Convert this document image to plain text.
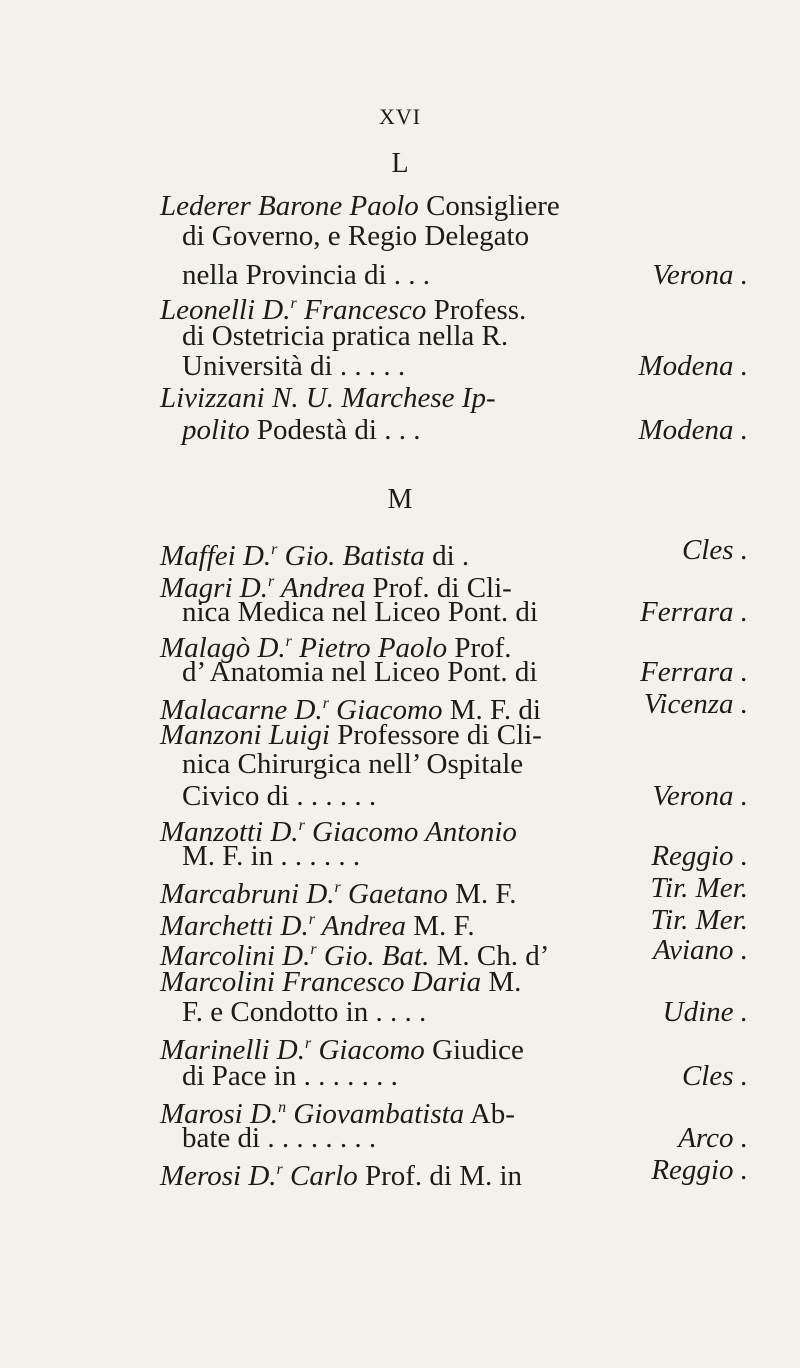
XVI
L
M
Lederer Barone Paolo Consigliere
di Governo, e Regio Delegato
nella Provincia di . . .	Verona .
Leonelli D.$^r$ Francesco Profess.
di Ostetricia pratica nella R.
Università di . . . . .	Modena .
Livizzani N. U. Marchese Ip-
polito Podestà di . . .	Modena .
Maffei D.$^r$ Gio. Batista di .	Cles .
Magri D.$^r$ Andrea Prof. di Cli-
nica Medica nel Liceo Pont. di	Ferrara .
Malagò D.$^r$ Pietro Paolo Prof.
d’ Anatomia nel Liceo Pont. di	Ferrara .
Malacarne D.$^r$ Giacomo M. F. di	Vicenza .
Manzoni Luigi Professore di Cli-
nica Chirurgica nell’ Ospitale
Civico di . . . . . .	Verona .
Manzotti D.$^r$ Giacomo Antonio
M. F. in . . . . . .	Reggio .
Marcabruni D.$^r$ Gaetano M. F.	Tir. Mer.
Marchetti D.$^r$ Andrea M. F.	Tir. Mer.
Marcolini D.$^r$ Gio. Bat. M. Ch. d’	Aviano .
Marcolini Francesco Daria M.
F. e Condotto in . . . .	Udine .
Marinelli D.$^r$ Giacomo Giudice
di Pace in . . . . . . .	Cles .
Marosi D.$^n$ Giovambatista Ab-
bate di . . . . . . . .	Arco .
Merosi D.$^r$ Carlo Prof. di M. in	Reggio .
